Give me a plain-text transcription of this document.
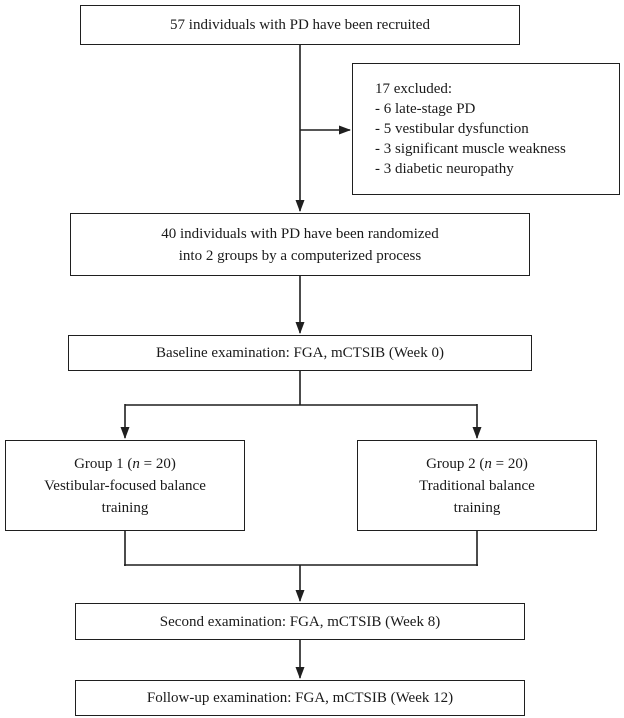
57 individuals with PD have been recruited
17 excluded:
- 6 late-stage PD
- 5 vestibular dysfunction
- 3 significant muscle weakness
- 3 diabetic neuropathy
40 individuals with PD have been randomized
into 2 groups by a computerized process
Baseline examination: FGA, mCTSIB (Week 0)
Group 1 (n = 20)
Vestibular-focused balance
training
Group 2 (n = 20)
Traditional balance
training
Second examination: FGA, mCTSIB (Week 8)
Follow-up examination: FGA, mCTSIB (Week 12)
